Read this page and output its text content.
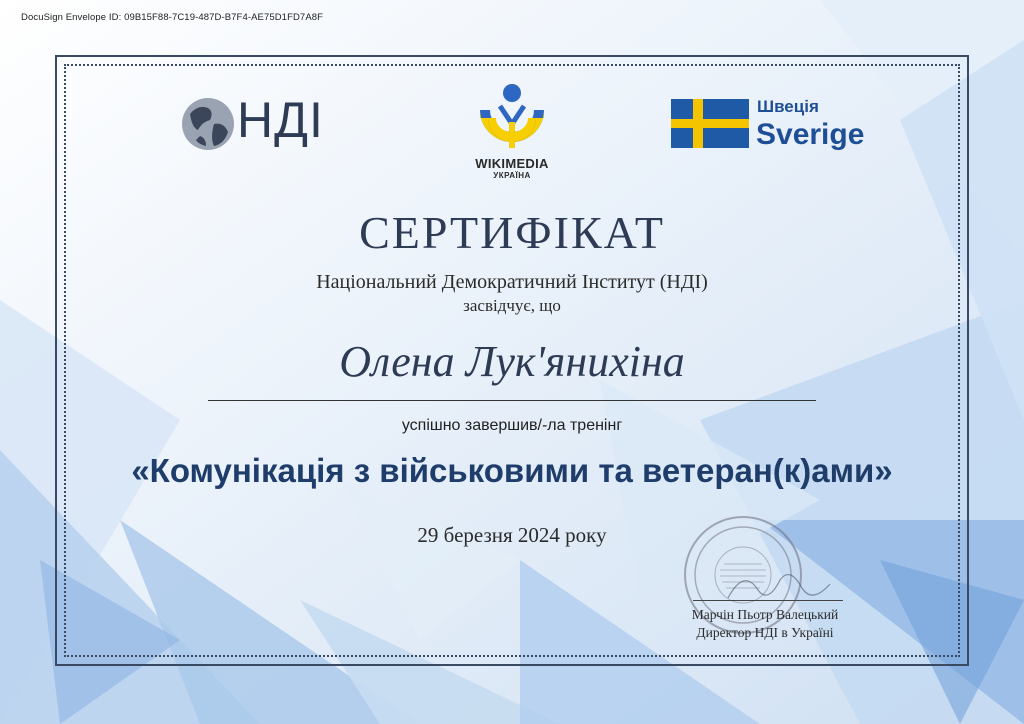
DocuSign Envelope ID: 09B15F88-7C19-487D-B7F4-AE75D1FD7A8F
НДІ
WIKIMEDIA
УКРАЇНА
Швеція
Sverige
СЕРТИФІКАТ
Національний Демократичний Інститут (НДІ)
засвідчує, що
Олена Лук'янихіна
успішно завершив/-ла тренінг
«Комунікація з військовими та ветеран(к)ами»
29 березня 2024 року
Марчін Пьотр Валецький
Директор НДІ в Україні
